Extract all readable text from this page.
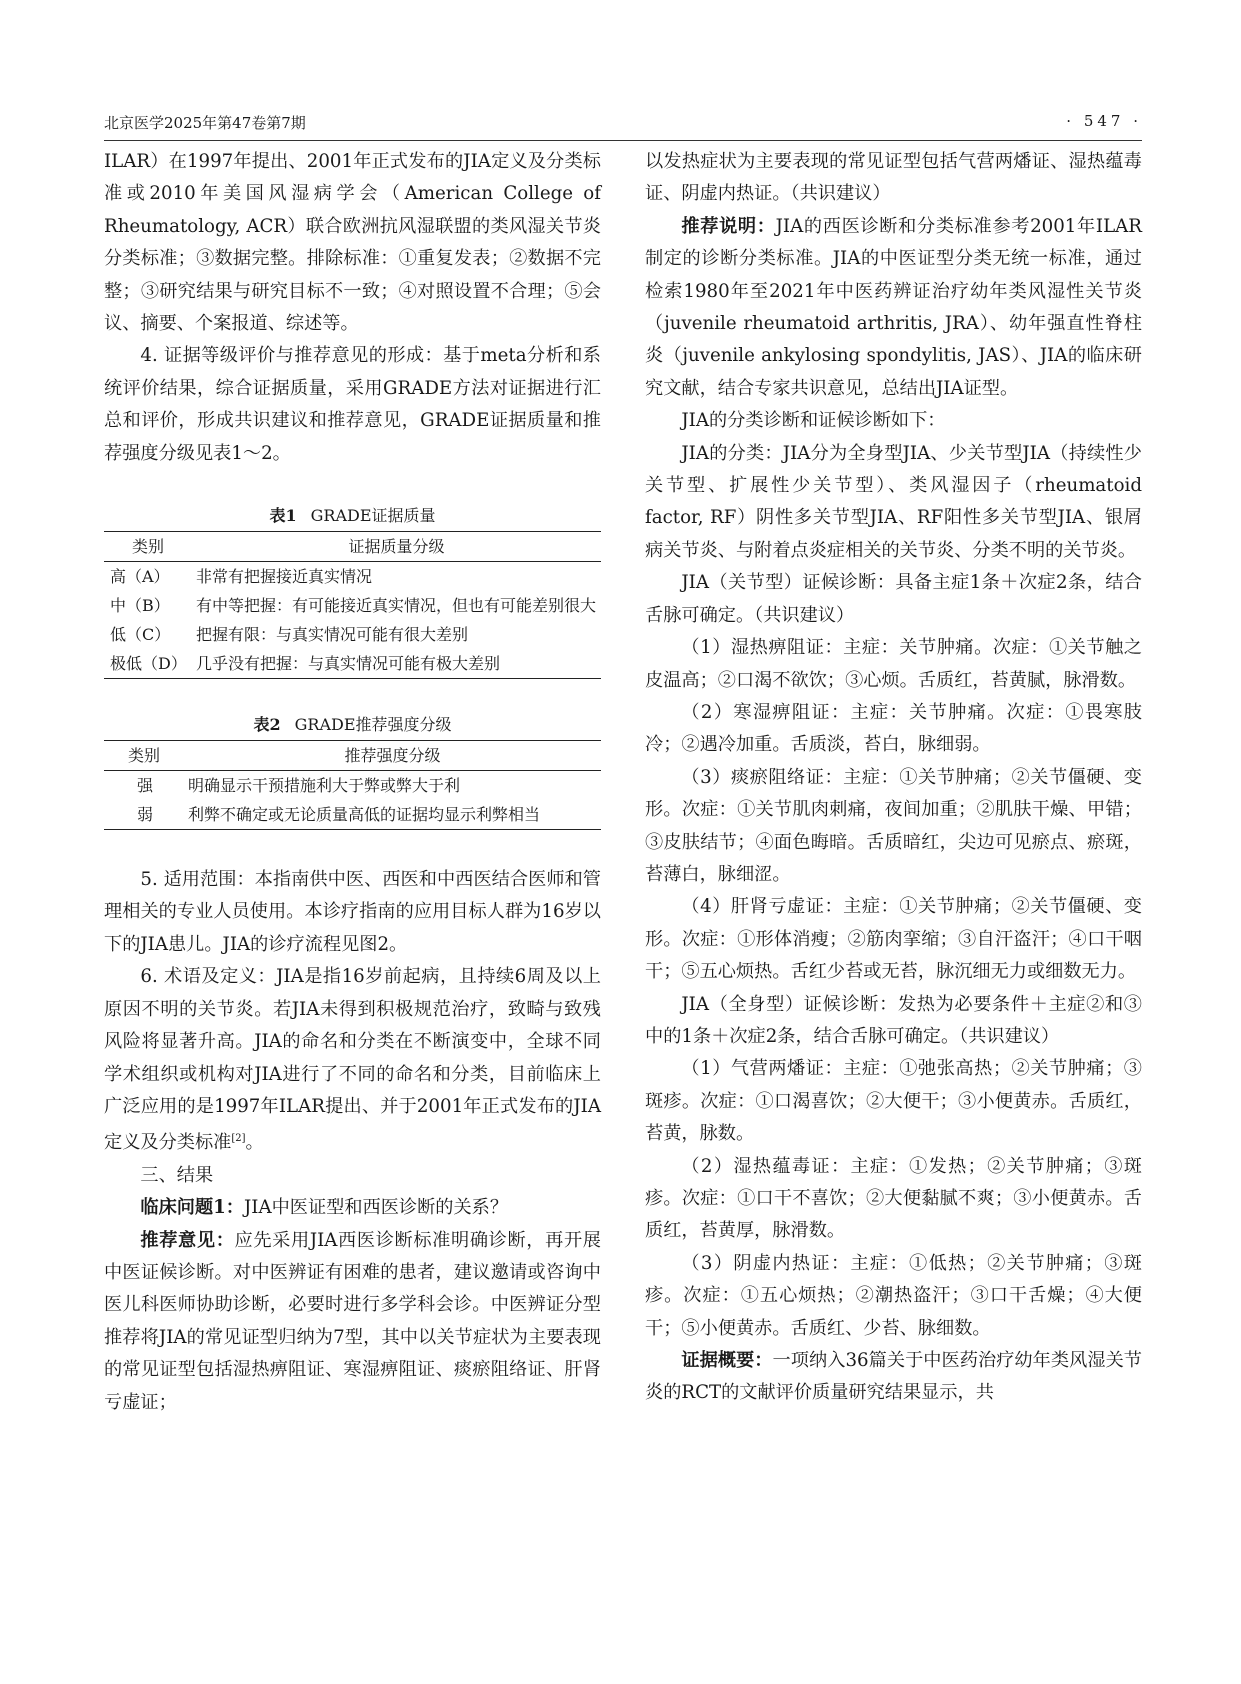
北京医学2025年第47卷第7期	· 547 ·

ILAR）在1997年提出、2001年正式发布的JIA定义及分类标准或2010年美国风湿病学会（American College of Rheumatology, ACR）联合欧洲抗风湿联盟的类风湿关节炎分类标准；③数据完整。排除标准：①重复发表；②数据不完整；③研究结果与研究目标不一致；④对照设置不合理；⑤会议、摘要、个案报道、综述等。

4. 证据等级评价与推荐意见的形成：基于meta分析和系统评价结果，综合证据质量，采用GRADE方法对证据进行汇总和评价，形成共识建议和推荐意见，GRADE证据质量和推荐强度分级见表1～2。

表1 GRADE证据质量
类别	证据质量分级
高（A）	非常有把握接近真实情况
中（B）	有中等把握：有可能接近真实情况，但也有可能差别很大
低（C）	把握有限：与真实情况可能有很大差别
极低（D）	几乎没有把握：与真实情况可能有极大差别
表2 GRADE推荐强度分级
类别	推荐强度分级
强	明确显示干预措施利大于弊或弊大于利
弱	利弊不确定或无论质量高低的证据均显示利弊相当

5. 适用范围：本指南供中医、西医和中西医结合医师和管理相关的专业人员使用。本诊疗指南的应用目标人群为16岁以下的JIA患儿。JIA的诊疗流程见图2。

6. 术语及定义：JIA是指16岁前起病，且持续6周及以上原因不明的关节炎。若JIA未得到积极规范治疗，致畸与致残风险将显著升高。JIA的命名和分类在不断演变中，全球不同学术组织或机构对JIA进行了不同的命名和分类，目前临床上广泛应用的是1997年ILAR提出、并于2001年正式发布的JIA定义及分类标准[2]。

三、结果

临床问题1：JIA中医证型和西医诊断的关系？

推荐意见：应先采用JIA西医诊断标准明确诊断，再开展中医证候诊断。对中医辨证有困难的患者，建议邀请或咨询中医儿科医师协助诊断，必要时进行多学科会诊。中医辨证分型推荐将JIA的常见证型归纳为7型，其中以关节症状为主要表现的常见证型包括湿热痹阻证、寒湿痹阻证、痰瘀阻络证、肝肾亏虚证；

以发热症状为主要表现的常见证型包括气营两燔证、湿热蕴毒证、阴虚内热证。（共识建议）

推荐说明：JIA的西医诊断和分类标准参考2001年ILAR制定的诊断分类标准。JIA的中医证型分类无统一标准，通过检索1980年至2021年中医药辨证治疗幼年类风湿性关节炎（juvenile rheumatoid arthritis, JRA）、幼年强直性脊柱炎（juvenile ankylosing spondylitis, JAS）、JIA的临床研究文献，结合专家共识意见，总结出JIA证型。

JIA的分类诊断和证候诊断如下：

JIA的分类：JIA分为全身型JIA、少关节型JIA（持续性少关节型、扩展性少关节型）、类风湿因子（rheumatoid factor, RF）阴性多关节型JIA、RF阳性多关节型JIA、银屑病关节炎、与附着点炎症相关的关节炎、分类不明的关节炎。

JIA（关节型）证候诊断：具备主症1条＋次症2条，结合舌脉可确定。（共识建议）

（1）湿热痹阻证：主症：关节肿痛。次症：①关节触之皮温高；②口渴不欲饮；③心烦。舌质红，苔黄腻，脉滑数。

（2）寒湿痹阻证：主症：关节肿痛。次症：①畏寒肢冷；②遇冷加重。舌质淡，苔白，脉细弱。

（3）痰瘀阻络证：主症：①关节肿痛；②关节僵硬、变形。次症：①关节肌肉刺痛，夜间加重；②肌肤干燥、甲错；③皮肤结节；④面色晦暗。舌质暗红，尖边可见瘀点、瘀斑，苔薄白，脉细涩。

（4）肝肾亏虚证：主症：①关节肿痛；②关节僵硬、变形。次症：①形体消瘦；②筋肉挛缩；③自汗盗汗；④口干咽干；⑤五心烦热。舌红少苔或无苔，脉沉细无力或细数无力。

JIA（全身型）证候诊断：发热为必要条件＋主症②和③中的1条＋次症2条，结合舌脉可确定。（共识建议）

（1）气营两燔证：主症：①弛张高热；②关节肿痛；③斑疹。次症：①口渴喜饮；②大便干；③小便黄赤。舌质红，苔黄，脉数。

（2）湿热蕴毒证：主症：①发热；②关节肿痛；③斑疹。次症：①口干不喜饮；②大便黏腻不爽；③小便黄赤。舌质红，苔黄厚，脉滑数。

（3）阴虚内热证：主症：①低热；②关节肿痛；③斑疹。次症：①五心烦热；②潮热盗汗；③口干舌燥；④大便干；⑤小便黄赤。舌质红、少苔、脉细数。

证据概要：一项纳入36篇关于中医药治疗幼年类风湿关节炎的RCT的文献评价质量研究结果显示，共
